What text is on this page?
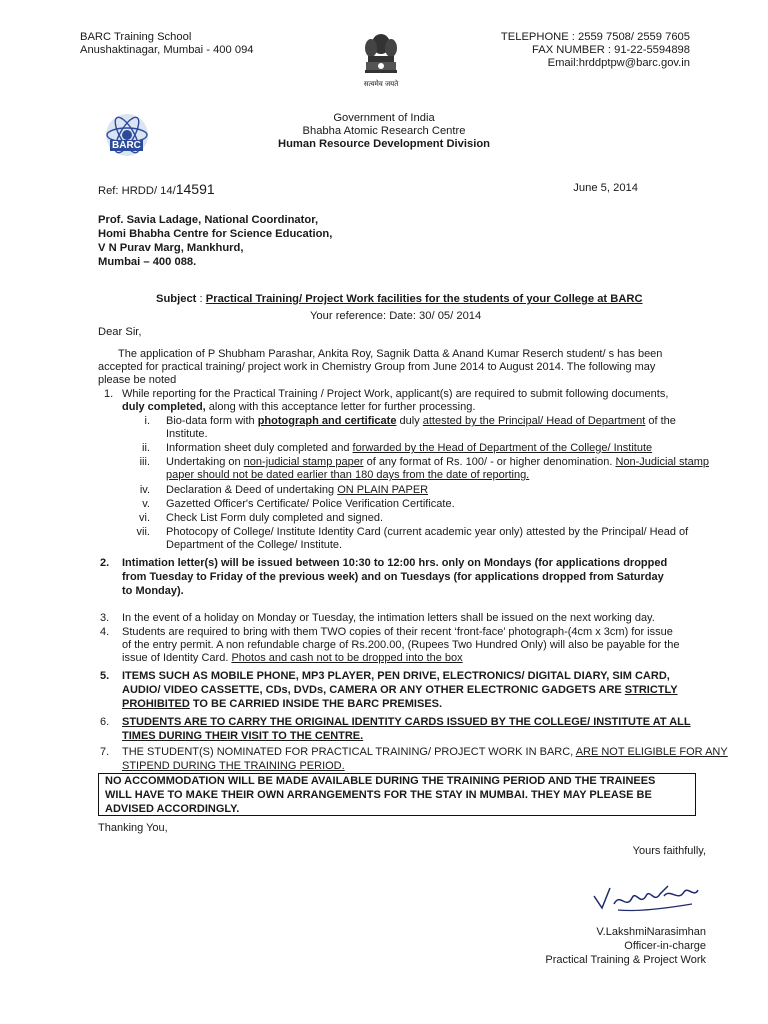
BARC Training School
Anushaktinagar, Mumbai - 400 094
TELEPHONE : 2559 7508/ 2559 7605
FAX NUMBER : 91-22-5594898
Email:hrddptpw@barc.gov.in
सत्यमेव जयते
BARC
Government of India
Bhabha Atomic Research Centre
Human Resource Development Division
Ref: HRDD/ 14/14591	June 5, 2014
Prof. Savia Ladage, National Coordinator,
Homi Bhabha Centre for Science Education,
V N Purav Marg, Mankhurd,
Mumbai – 400 088.
Subject : Practical Training/ Project Work facilities for the students of your College at BARC
Your reference: Date: 30/ 05/ 2014
Dear Sir,
The application of P Shubham Parashar, Ankita Roy, Sagnik Datta & Anand Kumar Reserch student/ s has been
accepted for practical training/ project work in Chemistry Group from June 2014 to August 2014. The following may
please be noted
1. While reporting for the Practical Training / Project Work, applicant(s) are required to submit following documents,
duly completed, along with this acceptance letter for further processing.
i. Bio-data form with photograph and certificate duly attested by the Principal/ Head of Department of the
Institute.
ii. Information sheet duly completed and forwarded by the Head of Department of the College/ Institute
iii. Undertaking on non-judicial stamp paper of any format of Rs. 100/ - or higher denomination. Non-Judicial stamp
paper should not be dated earlier than 180 days from the date of reporting.
iv. Declaration & Deed of undertaking ON PLAIN PAPER
v. Gazetted Officer's Certificate/ Police Verification Certificate.
vi. Check List Form duly completed and signed.
vii. Photocopy of College/ Institute Identity Card (current academic year only) attested by the Principal/ Head of
Department of the College/ Institute.
2. Intimation letter(s) will be issued between 10:30 to 12:00 hrs. only on Mondays (for applications dropped
from Tuesday to Friday of the previous week) and on Tuesdays (for applications dropped from Saturday
to Monday).
3. In the event of a holiday on Monday or Tuesday, the intimation letters shall be issued on the next working day.
4. Students are required to bring with them TWO copies of their recent ‘front-face’ photograph-(4cm x 3cm) for issue
of the entry permit. A non refundable charge of Rs.200.00, (Rupees Two Hundred Only) will also be payable for the
issue of Identity Card. Photos and cash not to be dropped into the box
5. ITEMS SUCH AS MOBILE PHONE, MP3 PLAYER, PEN DRIVE, ELECTRONICS/ DIGITAL DIARY, SIM CARD,
AUDIO/ VIDEO CASSETTE, CDs, DVDs, CAMERA OR ANY OTHER ELECTRONIC GADGETS ARE STRICTLY
PROHIBITED TO BE CARRIED INSIDE THE BARC PREMISES.
6. STUDENTS ARE TO CARRY THE ORIGINAL IDENTITY CARDS ISSUED BY THE COLLEGE/ INSTITUTE AT ALL
TIMES DURING THEIR VISIT TO THE CENTRE.
7. THE STUDENT(S) NOMINATED FOR PRACTICAL TRAINING/ PROJECT WORK IN BARC, ARE NOT ELIGIBLE FOR ANY
STIPEND DURING THE TRAINING PERIOD.
NO ACCOMMODATION WILL BE MADE AVAILABLE DURING THE TRAINING PERIOD AND THE TRAINEES
WILL HAVE TO MAKE THEIR OWN ARRANGEMENTS FOR THE STAY IN MUMBAI. THEY MAY PLEASE BE
ADVISED ACCORDINGLY.
Thanking You,
Yours faithfully,
V.LakshmiNarasimhan
Officer-in-charge
Practical Training & Project Work
